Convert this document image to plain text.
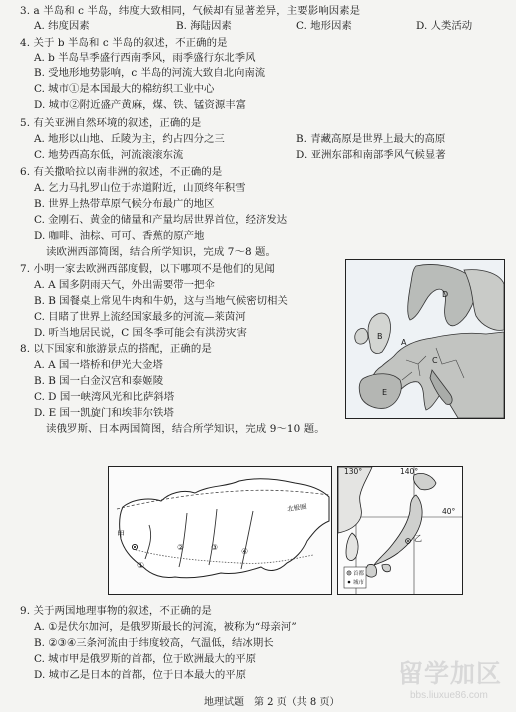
3. a 半岛和 c 半岛，纬度大致相同，气候却有显著差异，主要影响因素是
A. 纬度因素	B. 海陆因素	C. 地形因素	D. 人类活动
4. 关于 b 半岛和 c 半岛的叙述，不正确的是
A. b 半岛旱季盛行西南季风，雨季盛行东北季风
B. 受地形地势影响，c 半岛的河流大致自北向南流
C. 城市①是本国最大的棉纺织工业中心
D. 城市②附近盛产黄麻，煤、铁、锰资源丰富
5. 有关亚洲自然环境的叙述，正确的是
A. 地形以山地、丘陵为主，约占四分之三	B. 青藏高原是世界上最大的高原
C. 地势西高东低，河流滚滚东流	D. 亚洲东部和南部季风气候显著
6. 有关撒哈拉以南非洲的叙述，不正确的是
A. 乞力马扎罗山位于赤道附近，山顶终年积雪
B. 世界上热带草原气候分布最广的地区
C. 金刚石、黄金的储量和产量均居世界首位，经济发达
D. 咖啡、油棕、可可、香蕉的原产地
读欧洲西部简图，结合所学知识，完成 7～8 题。
7. 小明一家去欧洲西部度假，以下哪项不是他们的见闻
A. A 国多阴雨天气，外出需要带一把伞
B. B 国餐桌上常见牛肉和牛奶，这与当地气候密切相关
C. 目睹了世界上流经国家最多的河流—莱茵河
D. 听当地居民说，C 国冬季可能会有洪涝灾害
8. 以下国家和旅游景点的搭配，正确的是
A. A 国一塔桥和伊光大金塔
B. B 国一白金汉宫和泰姬陵
C. D 国一峡湾风光和比萨斜塔
D. E 国一凯旋门和埃菲尔铁塔
读俄罗斯、日本两国简图，结合所学知识，完成 9～10 题。
A
B
C
D
E
甲
①
②	③	④
北极圈
130°	140°
40°
乙
首都
城市
9. 关于两国地理事物的叙述，不正确的是
A. ①是伏尔加河，是俄罗斯最长的河流，被称为“母亲河”
B. ②③④三条河流由于纬度较高，气温低，结冰期长
C. 城市甲是俄罗斯的首都，位于欧洲最大的平原
D. 城市乙是日本的首都，位于日本最大的平原
地理试题　第 2 页（共 8 页）
留学加区
bbs.liuxue86.com
